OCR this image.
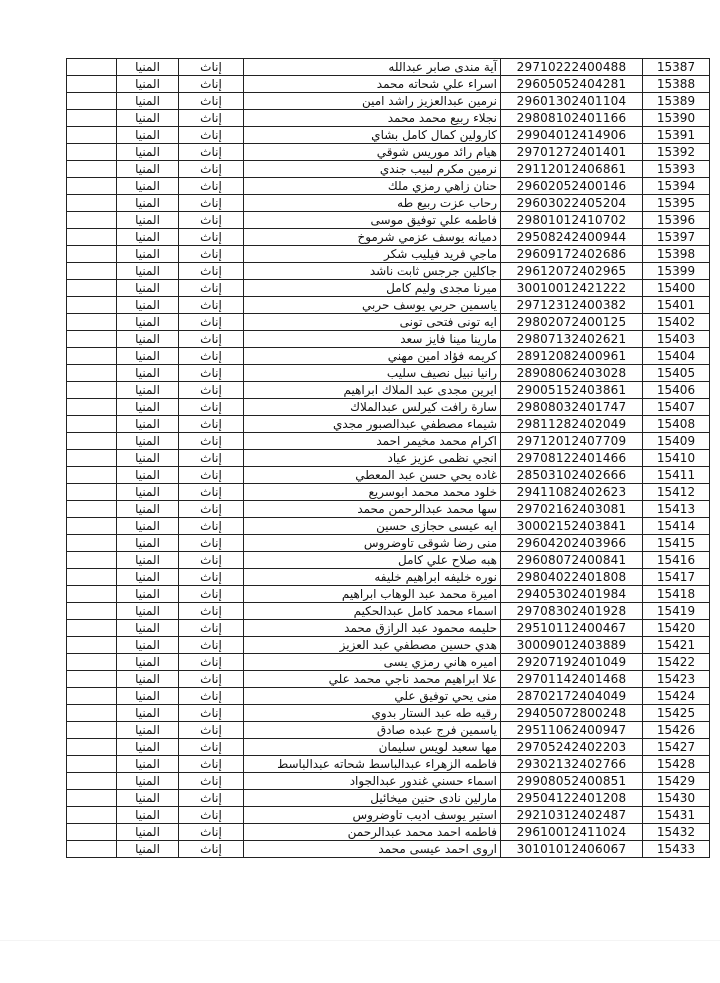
	المنيا	إناث	آية مندى صابر عبدالله	29710222400488	15387
	المنيا	إناث	اسراء علي شحاته محمد	29605052404281	15388
	المنيا	إناث	نرمين عبدالعزيز راشد امين	29601302401104	15389
	المنيا	إناث	نجلاء ربيع محمد محمد	29808102401166	15390
	المنيا	إناث	كارولين كمال كامل بشاي	29904012414906	15391
	المنيا	إناث	هيام رائد موريس شوقي	29701272401401	15392
	المنيا	إناث	نرمين مكرم لبيب جندي	29112012406861	15393
	المنيا	إناث	حنان زاهي رمزي ملك	29602052400146	15394
	المنيا	إناث	رحاب عزت ربيع طه	29603022405204	15395
	المنيا	إناث	فاطمه علي توفيق موسى	29801012410702	15396
	المنيا	إناث	دميانه يوسف عزمي شرموخ	29508242400944	15397
	المنيا	إناث	ماجي فريد فيليب شكر	29609172402686	15398
	المنيا	إناث	جاكلين جرجس ثابت ناشد	29612072402965	15399
	المنيا	إناث	ميرنا مجدى وليم كامل	30010012421222	15400
	المنيا	إناث	ياسمين حربي يوسف حربي	29712312400382	15401
	المنيا	إناث	ايه تونى فتحى تونى	29802072400125	15402
	المنيا	إناث	مارينا مينا فايز سعد	29807132402621	15403
	المنيا	إناث	كريمه فؤاد امين مهني	28912082400961	15404
	المنيا	إناث	رانيا نبيل نصيف سليب	28908062403028	15405
	المنيا	إناث	ايرين مجدى عبد الملاك ابراهيم	29005152403861	15406
	المنيا	إناث	سارة رافت كيرلس عبدالملاك	29808032401747	15407
	المنيا	إناث	شيماء مصطفي عبدالصبور مجدي	29811282402049	15408
	المنيا	إناث	اكرام محمد مخيمر احمد	29712012407709	15409
	المنيا	إناث	انجي نظمى عزيز عياد	29708122401466	15410
	المنيا	إناث	غاده يحي حسن عبد المعطي	28503102402666	15411
	المنيا	إناث	خلود محمد محمد ابوسريع	29411082402623	15412
	المنيا	إناث	سها محمد عبدالرحمن محمد	29702162403081	15413
	المنيا	إناث	ايه عيسى حجازى حسين	30002152403841	15414
	المنيا	إناث	منى رضا شوقى تاوضروس	29604202403966	15415
	المنيا	إناث	هبه صلاح علي كامل	29608072400841	15416
	المنيا	إناث	نوره خليفه ابراهيم خليفه	29804022401808	15417
	المنيا	إناث	اميرة محمد عبد الوهاب ابراهيم	29405302401984	15418
	المنيا	إناث	اسماء محمد كامل عبدالحكيم	29708302401928	15419
	المنيا	إناث	حليمه محمود عبد الرازق محمد	29510112400467	15420
	المنيا	إناث	هدي حسين مصطفي عبد العزيز	30009012403889	15421
	المنيا	إناث	اميره هاني رمزي يسى	29207192401049	15422
	المنيا	إناث	علا ابراهيم محمد ناجي محمد علي	29701142401468	15423
	المنيا	إناث	منى يحي توفيق علي	28702172404049	15424
	المنيا	إناث	رقيه طه عبد الستار بدوي	29405072800248	15425
	المنيا	إناث	ياسمين فرج عبده صادق	29511062400947	15426
	المنيا	إناث	مها سعيد لويس سليمان	29705242402203	15427
	المنيا	إناث	فاطمه الزهراء عبدالباسط شحاته عبدالباسط	29302132402766	15428
	المنيا	إناث	اسماء حسني غندور عبدالجواد	29908052400851	15429
	المنيا	إناث	مارلين نادى حنين ميخائيل	29504122401208	15430
	المنيا	إناث	استير يوسف اديب تاوضروس	29210312402487	15431
	المنيا	إناث	فاطمه احمد محمد عبدالرحمن	29610012411024	15432
	المنيا	إناث	اروى احمد عيسى محمد	30101012406067	15433
